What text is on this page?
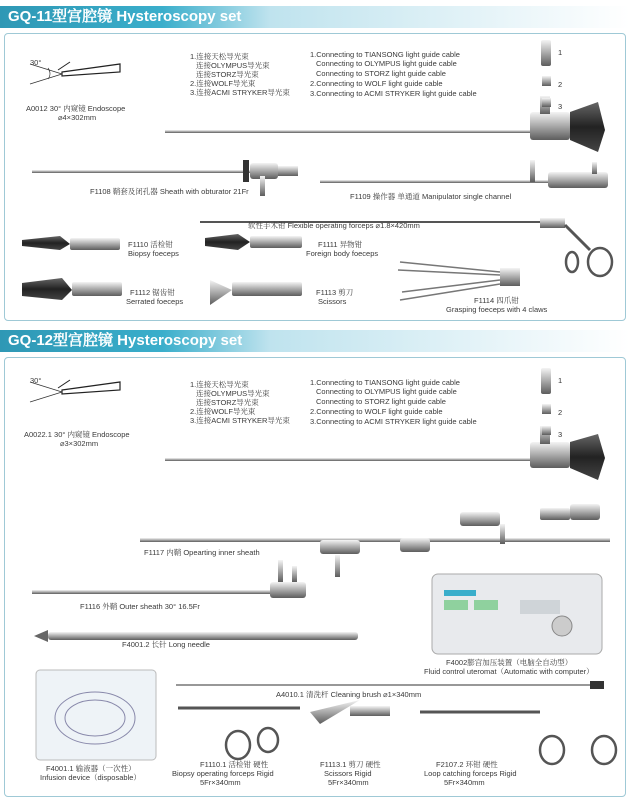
GQ-11型宫腔镜 Hysteroscopy set
30°
A0012 30° 内窥镜 Endoscope
⌀4×302mm
1.连接天松导光束
连接OLYMPUS导光束
连接STORZ导光束
2.连接WOLF导光束
3.连接ACMI STRYKER导光束
1.Connecting to TIANSONG light guide cable
Connecting to OLYMPUS light guide cable
Connecting to STORZ light guide cable
2.Connecting to WOLF light guide cable
3.Connecting to ACMI STRYKER light guide cable
1
2
3
F1108 鞘套及闭孔器 Sheath with obturator 21Fr
F1109 操作器 单通道 Manipulator single channel
软性手术钳 Flexible operating forceps ⌀1.8×420mm
F1110 活检钳
Biopsy foeceps
F1111 异物钳
Foreign body foeceps
F1112 锯齿钳
Serrated foeceps
F1113 剪刀
Scissors	F1114 四爪钳
Grasping foeceps with 4 claws
GQ-12型宫腔镜 Hysteroscopy set
30°
A0022.1 30° 内窥镜 Endoscope
⌀3×302mm
1.连接天松导光束
连接OLYMPUS导光束
连接STORZ导光束
2.连接WOLF导光束
3.连接ACMI STRYKER导光束
1.Connecting to TIANSONG light guide cable
Connecting to OLYMPUS light guide cable
Connecting to STORZ light guide cable
2.Connecting to WOLF light guide cable
3.Connecting to ACMI STRYKER light guide cable
1
2
3
F1117 内鞘 Opearting inner sheath
F1116 外鞘 Outer sheath 30° 16.5Fr
F4001.2 长针 Long needle
F4002膨宫加压装置（电脑全自动型）
Fluid control uteromat（Automatic with computer）
A4010.1 清洗杆 Cleaning brush ⌀1×340mm
F4001.1 输液器（一次性）
Infusion device（disposable）
F1110.1 活检钳 硬性
Biopsy operating forceps Rigid
5Fr×340mm
F1113.1 剪刀 硬性
Scissors Rigid
5Fr×340mm
F2107.2 环钳 硬性
Loop catching forceps Rigid
5Fr×340mm
